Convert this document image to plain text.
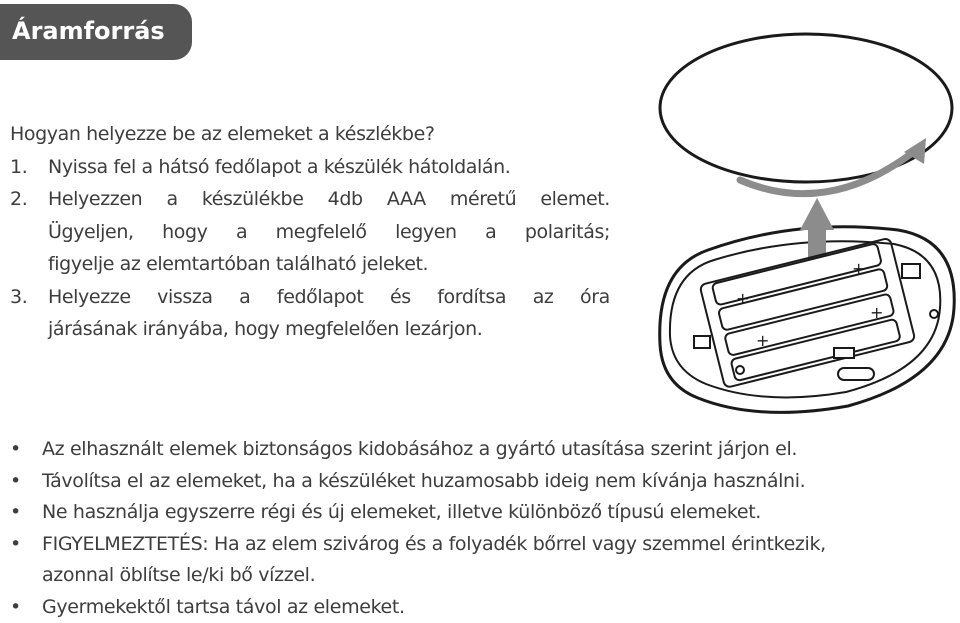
Áramforrás
Hogyan helyezze be az elemeket a készlékbe?
1.	Nyissa fel a hátsó fedőlapot a készülék hátoldalán.
2.	Helyezzen a készülékbe 4db AAA méretű elemet.
Ügyeljen, hogy a megfelelő legyen a polaritás;
figyelje az elemtartóban található jeleket.
3.	Helyezze vissza a fedőlapot és fordítsa az óra
járásának irányába, hogy megfelelően lezárjon.
+
+
+
+
• Az elhasznált elemek biztonságos kidobásához a gyártó utasítása szerint járjon el.
• Távolítsa el az elemeket, ha a készüléket huzamosabb ideig nem kívánja használni.
• Ne használja egyszerre régi és új elemeket, illetve különböző típusú elemeket.
• FIGYELMEZTETÉS: Ha az elem szivárog és a folyadék bőrrel vagy szemmel érintkezik,
azonnal öblítse le/ki bő vízzel.
• Gyermekektől tartsa távol az elemeket.
